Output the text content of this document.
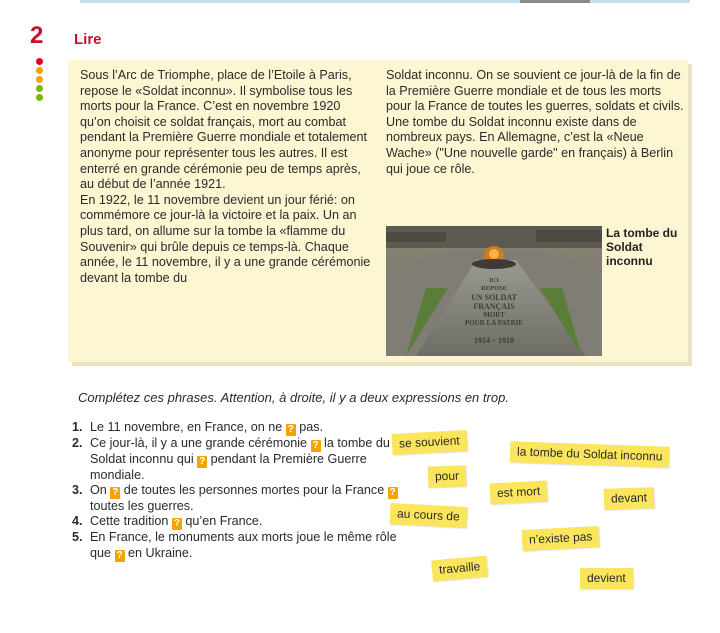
2 Lire

Sous l’Arc de Triomphe, place de l’Etoile à Paris, repose le «Soldat inconnu». Il symbolise tous les morts pour la France. C’est en novembre 1920 qu’on choisit ce soldat français, mort au combat pendant la Première Guerre mondiale et totalement anonyme pour représenter tous les autres. Il est enterré en grande cérémonie peu de temps après, au début de l’année 1921.

En 1922, le 11 novembre devient un jour férié: on commémore ce jour-là la victoire et la paix. Un an plus tard, on allume sur la tombe la «flamme du Souvenir» qui brûle depuis ce temps-là. Chaque année, le 11 novembre, il y a une grande cérémonie devant la tombe du

Soldat inconnu. On se souvient ce jour-là de la fin de la Première Guerre mondiale et de tous les morts pour la France de toutes les guerres, soldats et civils.

Une tombe du Soldat inconnu existe dans de nombreux pays. En Allemagne, c’est la «Neue Wache» ("Une nouvelle garde" en français) à Berlin qui joue ce rôle.

ICI
REPOSE
UN SOLDAT
FRANÇAIS
MORT
POUR LA PATRIE
1914 – 1918
La tombe du Soldat inconnu
Complétez ces phrases. Attention, à droite, il y a deux expressions en trop.
1. Le 11 novembre, en France, on ne ? pas.
2. Ce jour-là, il y a une grande cérémonie ? la tombe du Soldat inconnu qui ? pendant la Première Guerre mondiale.
3. On ? de toutes les personnes mortes pour la France ? toutes les guerres.
4. Cette tradition ? qu’en France.
5. En France, le monuments aux morts joue le même rôle que ? en Ukraine.
se souvient
la tombe du Soldat inconnu
pour
est mort	devant
au cours de
n’existe pas
travaille
devient
